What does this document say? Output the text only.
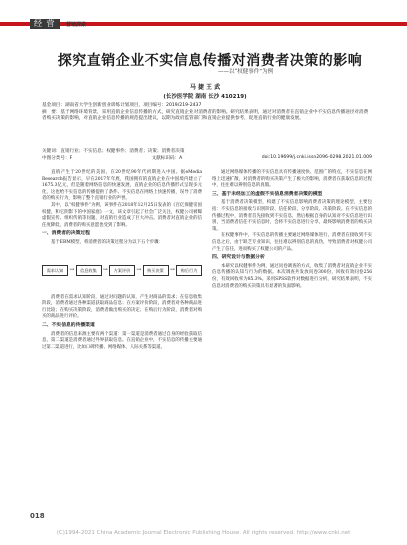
经 营	营销探索
探究直销企业不实信息传播对消费者决策的影响
——以“权健事件”为例
马 捷 王 武
(长沙医学院 湖南 长沙 410219)
基金项目：湖南省大学生创新创业训练计划项目，项目编号：2019/219-2437
摘　要：基于网络环境背景，采用直销企业信息传播的方式，研究直销企业对消费者的影响。研究结果表明，通过对消费者在直销企业中不实信息传播途径对消费者购买决策的影响，对直销企业信息传播的规范提出建议，以期为政府监管部门和直销企业提供参考，促进直销行业的健康发展。
关键词：直销行业；不实信息；权健事件；消费者；决策；消费者决策
中图分类号：F	文献标识码：A	doi:10.19699/j.cnki.issn2096-0298.2021.01.009
直销产生于20世纪的美国，在20世纪90年代初期进入中国。据eMedia Research报告显示，早在2017年年底，我国拥有的直销企业在中国境内建立了1675.3亿元，但是随着网络信息的快速发展，直销企业的信息传播形式呈现多元化，这也给不实信息的传播提供了条件。不实信息在网络上快速传播，误导了消费者的购买行为，影响了整个直销行业的声誉。
其中，以“权健事件”为例，该事件在2018年12月25日发表的《百亿保健帝国权健，和它阴影下的中国家庭》一文，该文章引起了社会广泛关注，权健公司被曝虚假宣传、组织传销等问题，对直销行业造成了巨大冲击。消费者对直销企业的信任度降低，消费者的购买意愿也受到了影响。
一、消费者的决策过程
基于EBM模型，将消费者的决策过程分为以下五个步骤：
需求认知 →	信息收集 →	方案评价 →	购买决策 →	购后行为
消费者在需求认知阶段，通过对问题的认知，产生对商品的需求；在信息收集阶段，消费者通过各种渠道获取商品信息；在方案评价阶段，消费者对各种商品进行比较；在购买决策阶段，消费者做出购买的决定；在购后行为阶段，消费者对购买的商品进行评价。
二、不实信息的传播渠道
消费者的信息来源主要有两个渠道：第一渠道是消费者通过自身的经验获取信息，第二渠道是消费者通过外界获取信息。在直销企业中，不实信息的传播主要通过第二渠道进行，比如口碑传播、网络媒体、人际关系等渠道。
通过网络媒体传播的不实信息具有传播速度快、范围广的特点，不实信息在网络上迅速扩散，对消费者的购买决策产生了极大的影响，消费者在获取信息的过程中，往往难以辨别信息的真假。
三、基于未经加工的虚假不实信息消费者决策的模型
基于消费者决策模型，构建了不实信息影响消费者决策的理论模型，主要包括：不实信息的接收与识别阶段、信任阶段、分享阶段、决策阶段。在不实信息的传播过程中，消费者首先接收到不实信息，然后根据自身的认知对不实信息进行识别，当消费者信任不实信息时，会将不实信息进行分享，最终影响消费者的购买决策。
在权健事件中，不实信息的传播主要通过网络媒体进行，消费者在接收到不实信息之后，由于缺乏专业知识，往往难以辨别信息的真伪，导致消费者对权健公司产生了信任，进而购买了权健公司的产品。
四、研究设计与数据分析
本研究以权健事件为例，通过问卷调查的方式，收集了消费者对直销企业不实信息传播的认知与行为的数据。本次调查共发放问卷300份，回收有效问卷256份，有效回收率为85.3%。采用SPSS软件对数据进行分析，研究结果表明，不实信息对消费者的购买决策具有显著的负面影响。
018
(C)1994-2021 China Academic Journal Electronic Publishing House. All rights reserved. http://www.cnki.net
